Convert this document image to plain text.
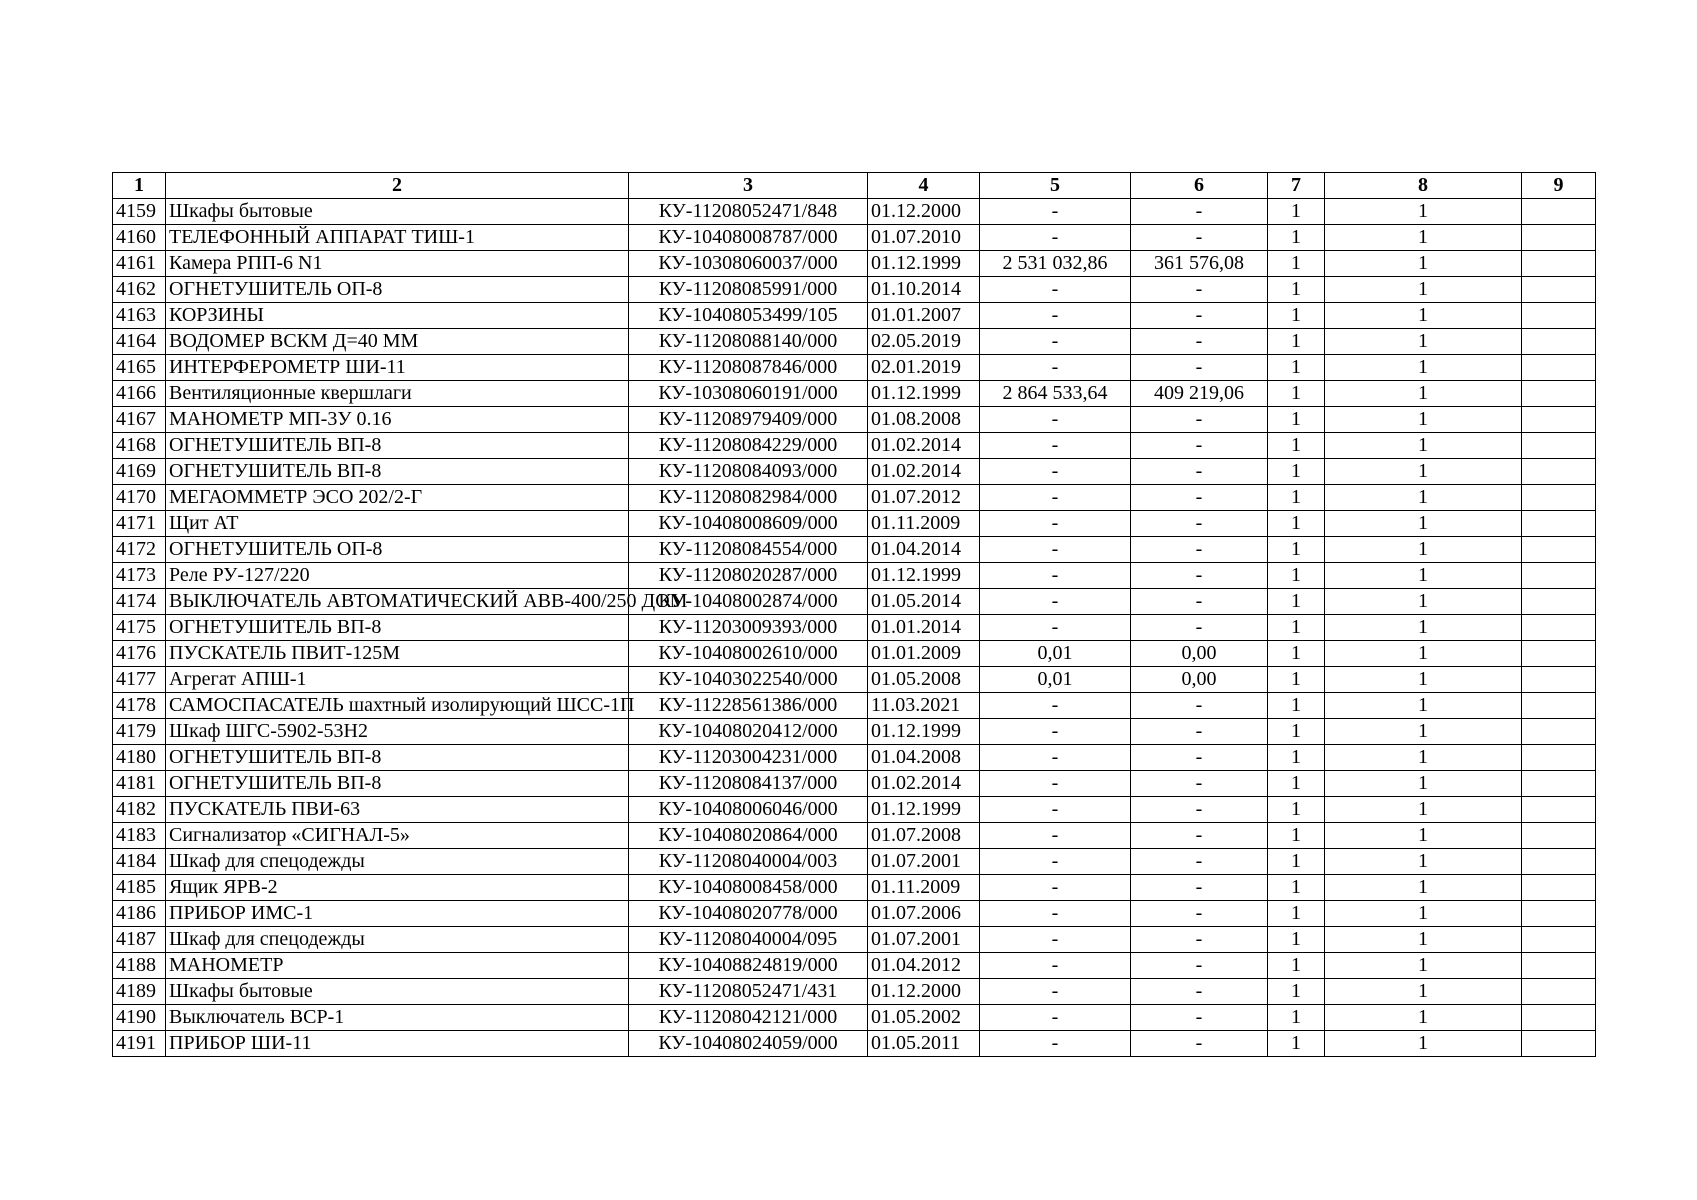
1	2	3	4	5	6	7	8	9
4159	Шкафы бытовые	КУ-11208052471/848	01.12.2000	-	-	1	1	
4160	ТЕЛЕФОННЫЙ АППАРАТ ТИШ-1	КУ-10408008787/000	01.07.2010	-	-	1	1	
4161	Камера РПП-6 N1	КУ-10308060037/000	01.12.1999	2 531 032,86	361 576,08	1	1	
4162	ОГНЕТУШИТЕЛЬ ОП-8	КУ-11208085991/000	01.10.2014	-	-	1	1	
4163	КОРЗИНЫ	КУ-10408053499/105	01.01.2007	-	-	1	1	
4164	ВОДОМЕР ВСКМ Д=40 ММ	КУ-11208088140/000	02.05.2019	-	-	1	1	
4165	ИНТЕРФЕРОМЕТР ШИ-11	КУ-11208087846/000	02.01.2019	-	-	1	1	
4166	Вентиляционные квершлаги	КУ-10308060191/000	01.12.1999	2 864 533,64	409 219,06	1	1	
4167	МАНОМЕТР МП-3У 0.16	КУ-11208979409/000	01.08.2008	-	-	1	1	
4168	ОГНЕТУШИТЕЛЬ ВП-8	КУ-11208084229/000	01.02.2014	-	-	1	1	
4169	ОГНЕТУШИТЕЛЬ ВП-8	КУ-11208084093/000	01.02.2014	-	-	1	1	
4170	МЕГАОММЕТР ЭСО 202/2-Г	КУ-11208082984/000	01.07.2012	-	-	1	1	
4171	Щит АТ	КУ-10408008609/000	01.11.2009	-	-	1	1	
4172	ОГНЕТУШИТЕЛЬ ОП-8	КУ-11208084554/000	01.04.2014	-	-	1	1	
4173	Реле РУ-127/220	КУ-11208020287/000	01.12.1999	-	-	1	1	
4174	ВЫКЛЮЧАТЕЛЬ АВТОМАТИЧЕСКИЙ АВВ-400/250 ДОМ	КУ-10408002874/000	01.05.2014	-	-	1	1	
4175	ОГНЕТУШИТЕЛЬ ВП-8	КУ-11203009393/000	01.01.2014	-	-	1	1	
4176	ПУСКАТЕЛЬ ПВИТ-125М	КУ-10408002610/000	01.01.2009	0,01	0,00	1	1	
4177	Агрегат АПШ-1	КУ-10403022540/000	01.05.2008	0,01	0,00	1	1	
4178	САМОСПАСАТЕЛЬ шахтный изолирующий ШСС-1П	КУ-11228561386/000	11.03.2021	-	-	1	1	
4179	Шкаф ШГС-5902-53Н2	КУ-10408020412/000	01.12.1999	-	-	1	1	
4180	ОГНЕТУШИТЕЛЬ ВП-8	КУ-11203004231/000	01.04.2008	-	-	1	1	
4181	ОГНЕТУШИТЕЛЬ ВП-8	КУ-11208084137/000	01.02.2014	-	-	1	1	
4182	ПУСКАТЕЛЬ ПВИ-63	КУ-10408006046/000	01.12.1999	-	-	1	1	
4183	Сигнализатор «СИГНАЛ-5»	КУ-10408020864/000	01.07.2008	-	-	1	1	
4184	Шкаф для спецодежды	КУ-11208040004/003	01.07.2001	-	-	1	1	
4185	Ящик ЯРВ-2	КУ-10408008458/000	01.11.2009	-	-	1	1	
4186	ПРИБОР ИМС-1	КУ-10408020778/000	01.07.2006	-	-	1	1	
4187	Шкаф для спецодежды	КУ-11208040004/095	01.07.2001	-	-	1	1	
4188	МАНОМЕТР	КУ-10408824819/000	01.04.2012	-	-	1	1	
4189	Шкафы бытовые	КУ-11208052471/431	01.12.2000	-	-	1	1	
4190	Выключатель ВСР-1	КУ-11208042121/000	01.05.2002	-	-	1	1	
4191	ПРИБОР ШИ-11	КУ-10408024059/000	01.05.2011	-	-	1	1	
